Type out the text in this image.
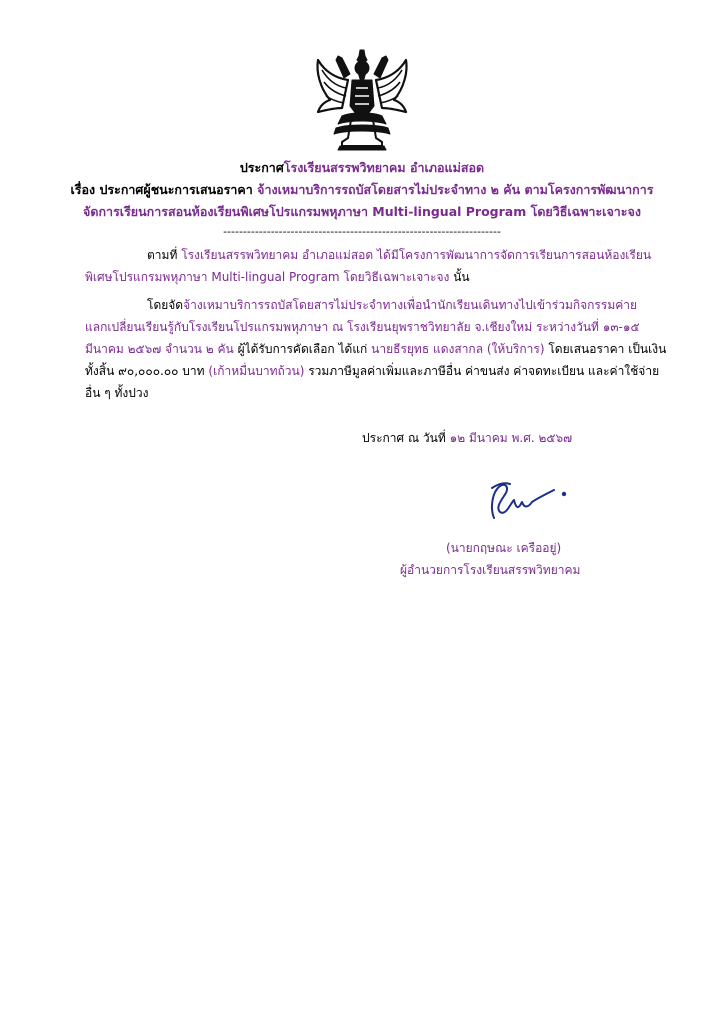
ประกาศโรงเรียนสรรพวิทยาคม อำเภอแม่สอด
เรื่อง ประกาศผู้ชนะการเสนอราคา จ้างเหมาบริการรถบัสโดยสารไม่ประจำทาง ๒ คัน ตามโครงการพัฒนาการ
จัดการเรียนการสอนห้องเรียนพิเศษโปรแกรมพหุภาษา Multi-lingual Program โดยวิธีเฉพาะเจาะจง
----------------------------------------------------------------------
ตามที่ โรงเรียนสรรพวิทยาคม อำเภอแม่สอด ได้มีโครงการพัฒนาการจัดการเรียนการสอนห้องเรียน
พิเศษโปรแกรมพหุภาษา Multi-lingual Program โดยวิธีเฉพาะเจาะจง นั้น
โดยจัดจ้างเหมาบริการรถบัสโดยสารไม่ประจำทางเพื่อนำนักเรียนเดินทางไปเข้าร่วมกิจกรรมค่าย
แลกเปลี่ยนเรียนรู้กับโรงเรียนโปรแกรมพหุภาษา ณ โรงเรียนยุพราชวิทยาลัย จ.เชียงใหม่ ระหว่างวันที่ ๑๓-๑๕
มีนาคม ๒๕๖๗ จำนวน ๒ คัน ผู้ได้รับการคัดเลือก ได้แก่ นายธีรยุทธ แดงสากล (ให้บริการ) โดยเสนอราคา เป็นเงิน
ทั้งสิ้น ๙๐,๐๐๐.๐๐ บาท (เก้าหมื่นบาทถ้วน) รวมภาษีมูลค่าเพิ่มและภาษีอื่น ค่าขนส่ง ค่าจดทะเบียน และค่าใช้จ่าย
อื่น ๆ ทั้งปวง
ประกาศ ณ วันที่ ๑๒ มีนาคม พ.ศ. ๒๕๖๗
(นายกฤษณะ เครืออยู่)
ผู้อำนวยการโรงเรียนสรรพวิทยาคม
